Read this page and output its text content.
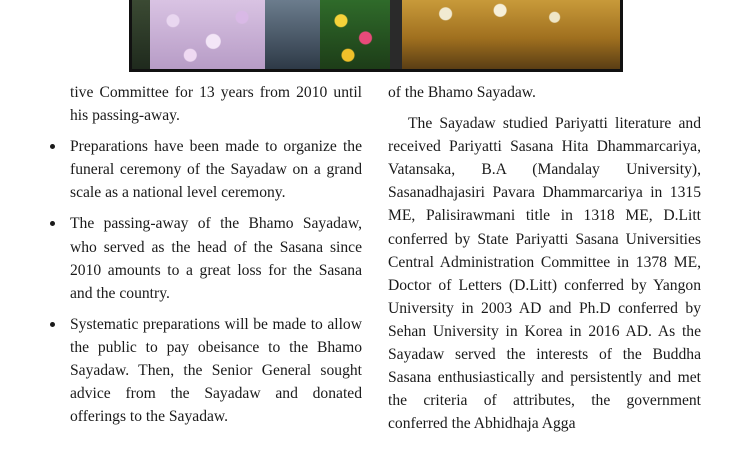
tive Committee for 13 years from 2010 until his passing-away.

Preparations have been made to organize the funeral ceremony of the Sayadaw on a grand scale as a national level ceremony.

The passing-away of the Bhamo Sayadaw, who served as the head of the Sasana since 2010 amounts to a great loss for the Sasana and the country.

Systematic preparations will be made to allow the public to pay obeisance to the Bhamo Sayadaw. Then, the Senior General sought advice from the Sayadaw and donated offerings to the Sayadaw.

of the Bhamo Sayadaw.

The Sayadaw studied Pariyatti literature and received Pariyatti Sasana Hita Dhammarcariya, Vatansaka, B.A (Mandalay University), Sasanadhajasiri Pavara Dhammarcariya in 1315 ME, Palisirawmani title in 1318 ME, D.Litt conferred by State Pariyatti Sasana Universities Central Administration Committee in 1378 ME, Doctor of Letters (D.Litt) conferred by Yangon University in 2003 AD and Ph.D conferred by Sehan University in Korea in 2016 AD. As the Sayadaw served the interests of the Buddha Sasana enthusiastically and persistently and met the criteria of attributes, the government conferred the Abhidhaja Agga
